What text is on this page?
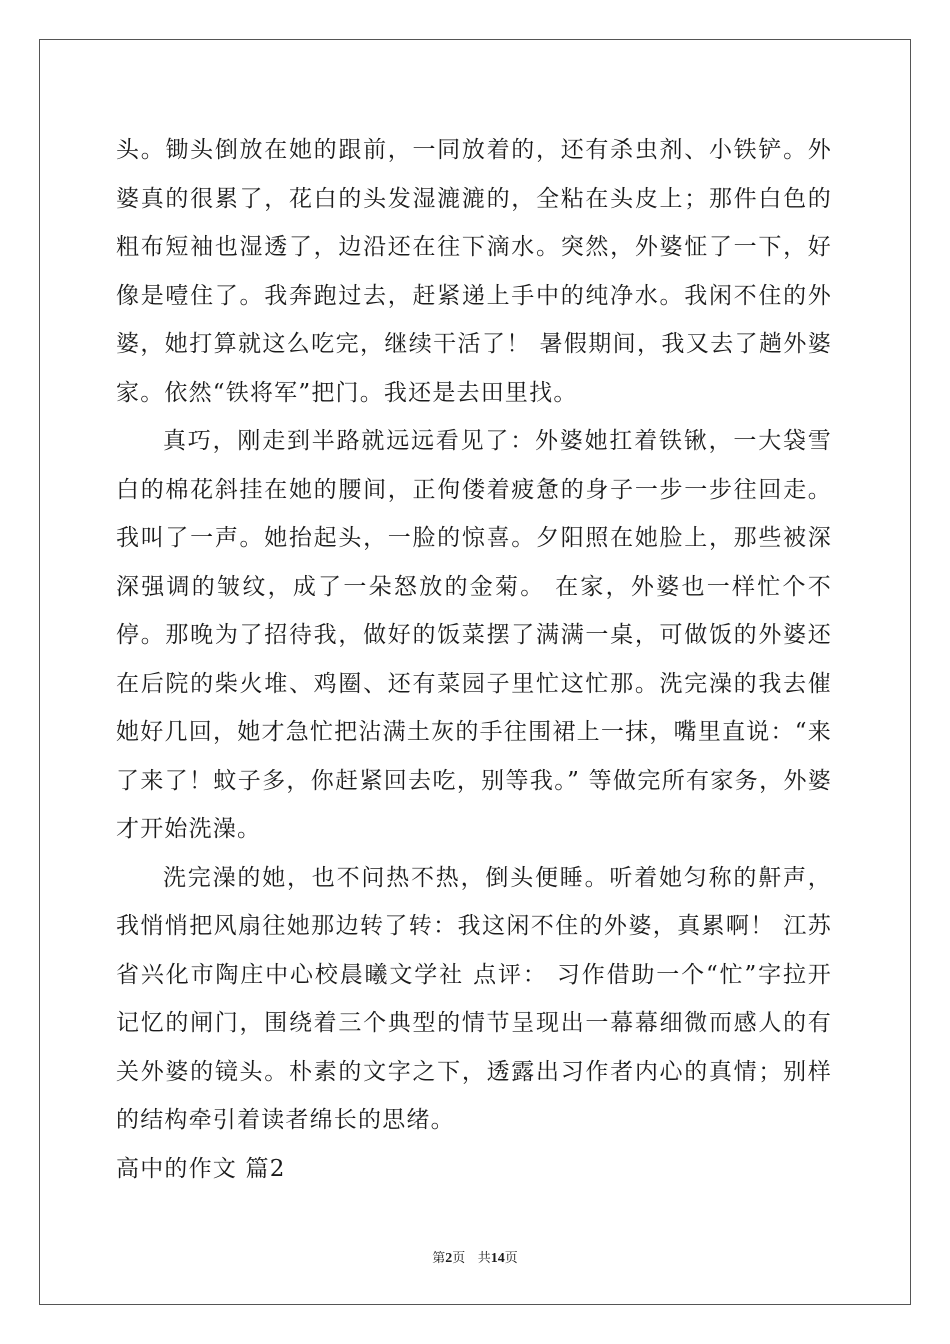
头。锄头倒放在她的跟前，一同放着的，还有杀虫剂、小铁铲。外婆真的很累了，花白的头发湿漉漉的，全粘在头皮上；那件白色的粗布短袖也湿透了，边沿还在往下滴水。突然，外婆怔了一下，好像是噎住了。我奔跑过去，赶紧递上手中的纯净水。我闲不住的外婆，她打算就这么吃完，继续干活了！ 暑假期间，我又去了趟外婆家。依然“铁将军”把门。我还是去田里找。

真巧，刚走到半路就远远看见了：外婆她扛着铁锹，一大袋雪白的棉花斜挂在她的腰间，正佝偻着疲惫的身子一步一步往回走。我叫了一声。她抬起头，一脸的惊喜。夕阳照在她脸上，那些被深深强调的皱纹，成了一朵怒放的金菊。 在家，外婆也一样忙个不停。那晚为了招待我，做好的饭菜摆了满满一桌，可做饭的外婆还在后院的柴火堆、鸡圈、还有菜园子里忙这忙那。洗完澡的我去催她好几回，她才急忙把沾满土灰的手往围裙上一抹，嘴里直说：“来了来了！蚊子多，你赶紧回去吃，别等我。” 等做完所有家务，外婆才开始洗澡。

洗完澡的她，也不问热不热，倒头便睡。听着她匀称的鼾声，我悄悄把风扇往她那边转了转：我这闲不住的外婆，真累啊！ 江苏省兴化市陶庄中心校晨曦文学社 点评： 习作借助一个“忙”字拉开记忆的闸门，围绕着三个典型的情节呈现出一幕幕细微而感人的有关外婆的镜头。朴素的文字之下，透露出习作者内心的真情；别样的结构牵引着读者绵长的思绪。

高中的作文 篇2

第2页 共14页
